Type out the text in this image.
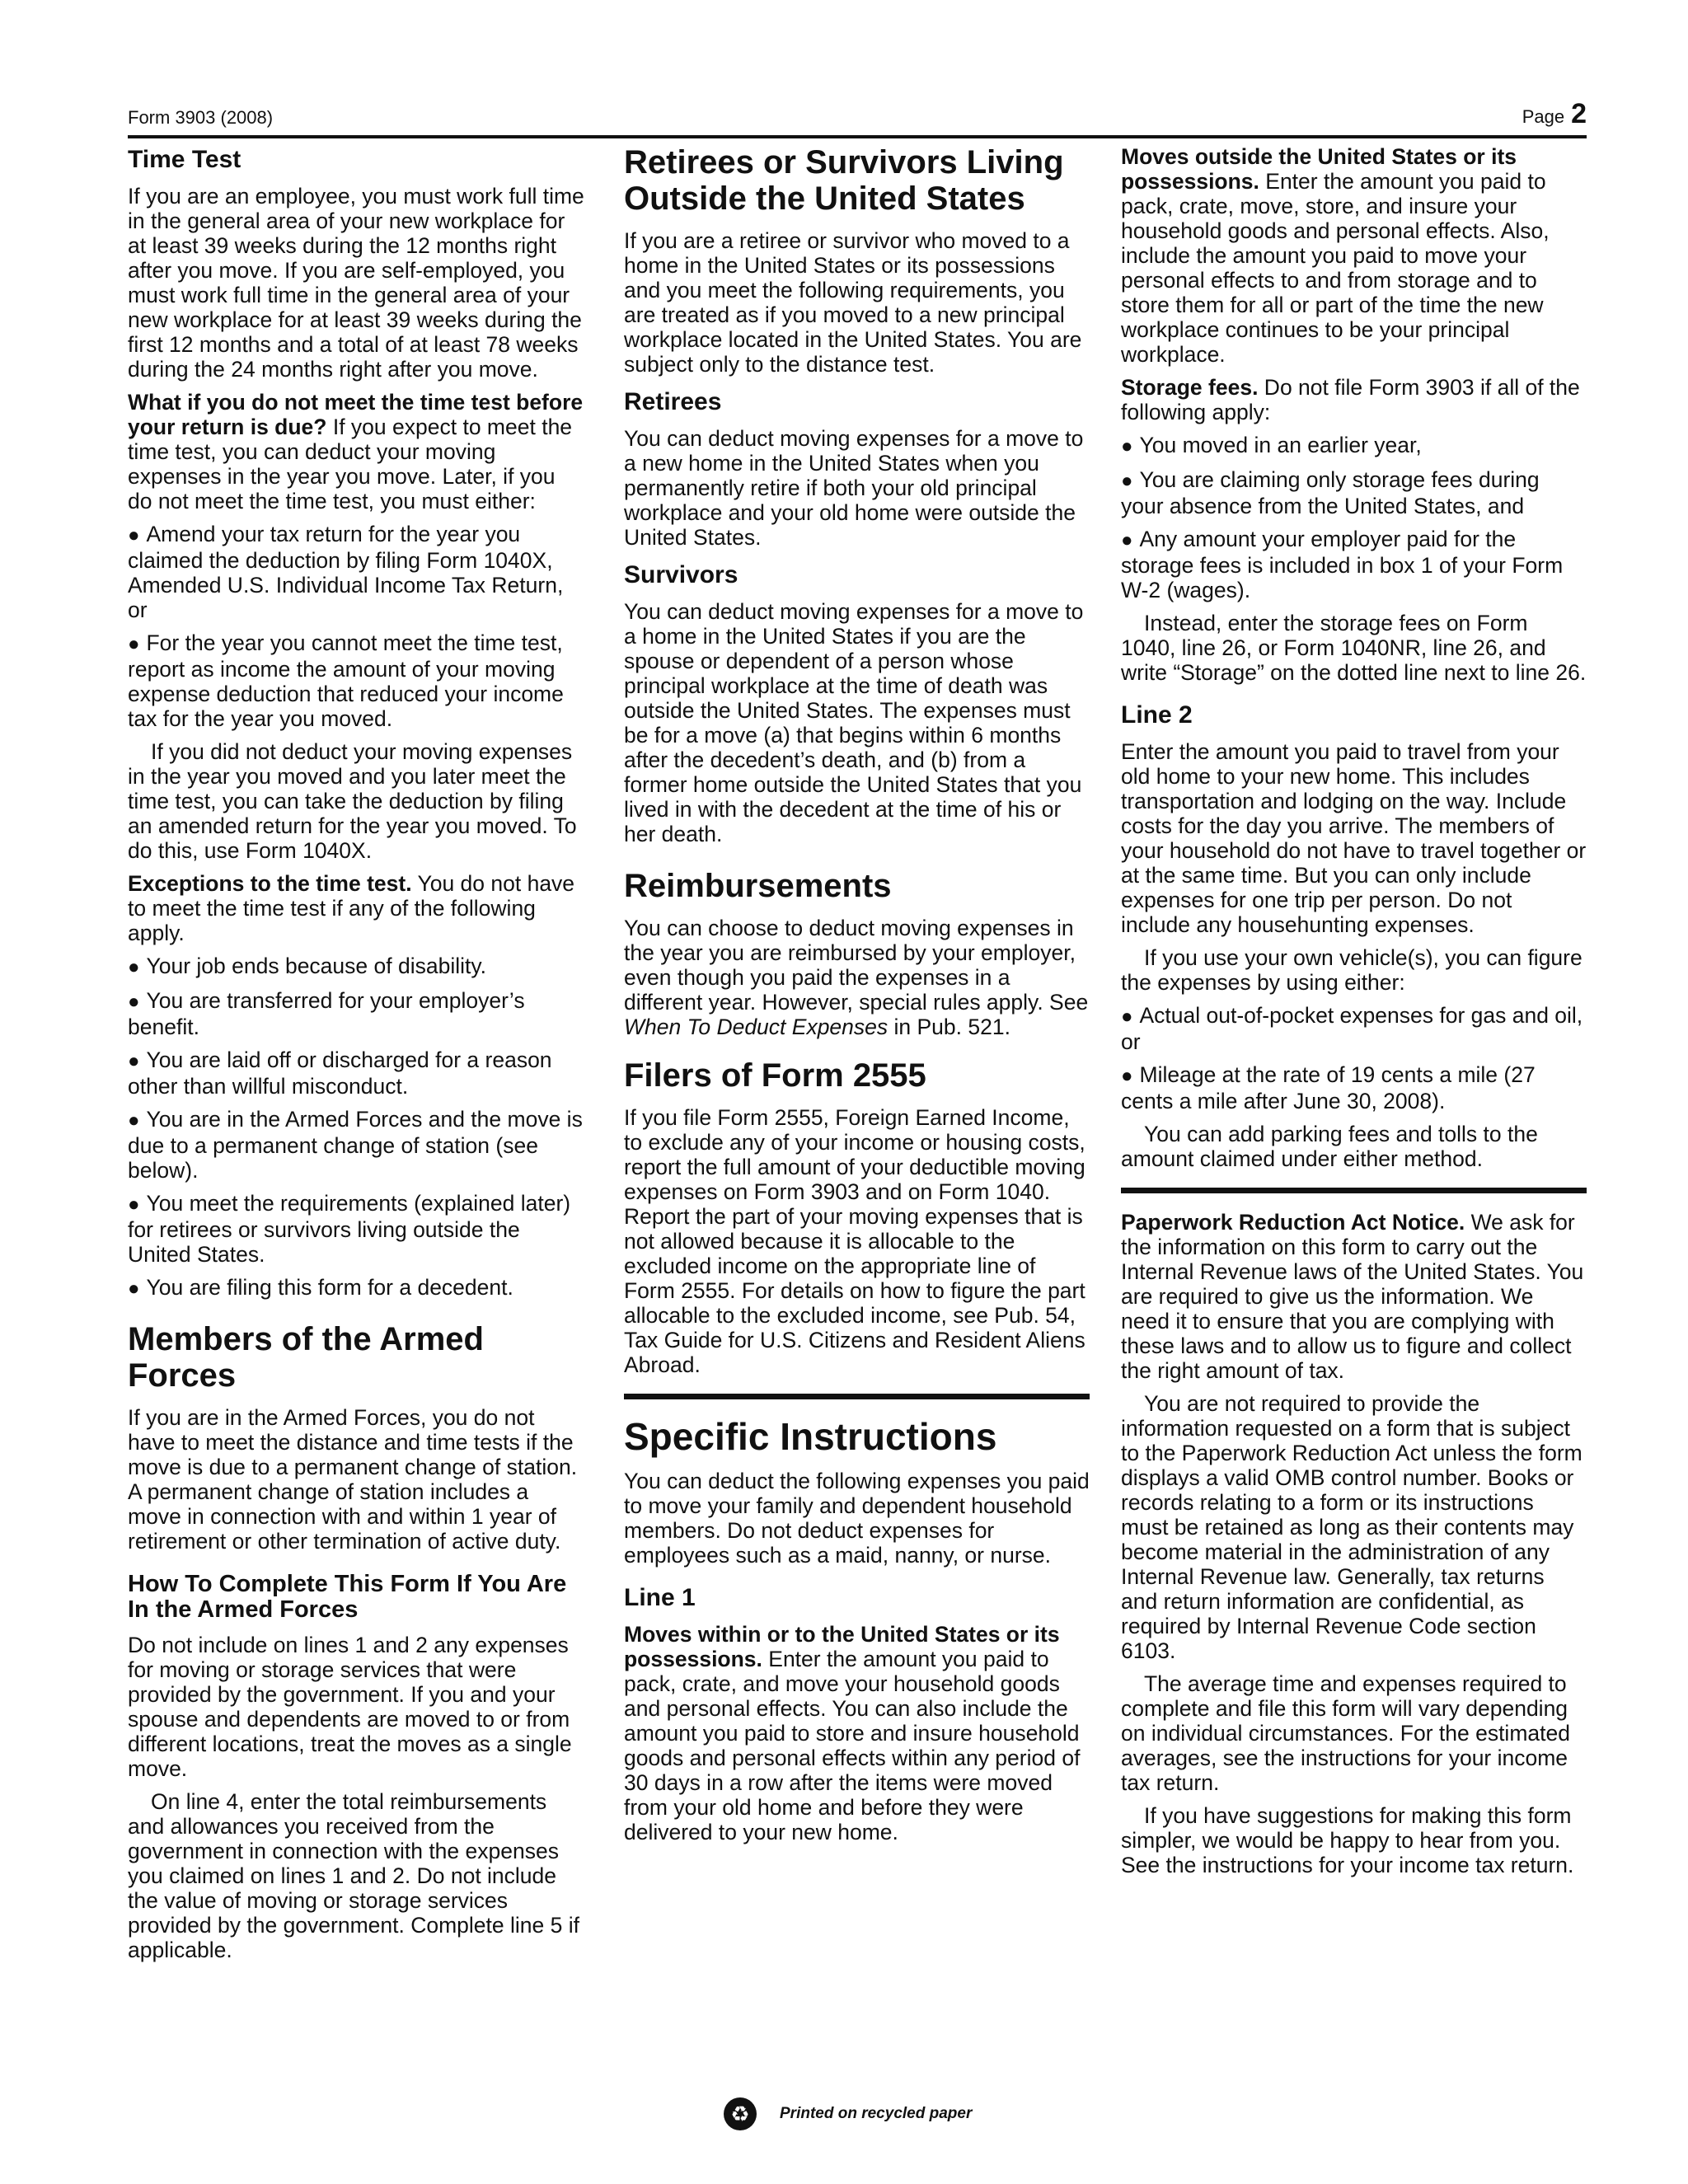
Form 3903 (2008)	Page 2
Time Test

If you are an employee, you must work full time in the general area of your new workplace for at least 39 weeks during the 12 months right after you move. If you are self-employed, you must work full time in the general area of your new workplace for at least 39 weeks during the first 12 months and a total of at least 78 weeks during the 24 months right after you move.

What if you do not meet the time test before your return is due? If you expect to meet the time test, you can deduct your moving expenses in the year you move. Later, if you do not meet the time test, you must either:

● Amend your tax return for the year you claimed the deduction by filing Form 1040X, Amended U.S. Individual Income Tax Return, or
● For the year you cannot meet the time test, report as income the amount of your moving expense deduction that reduced your income tax for the year you moved.

If you did not deduct your moving expenses in the year you moved and you later meet the time test, you can take the deduction by filing an amended return for the year you moved. To do this, use Form 1040X.

Exceptions to the time test. You do not have to meet the time test if any of the following apply.

● Your job ends because of disability.
● You are transferred for your employer’s benefit.
● You are laid off or discharged for a reason other than willful misconduct.
● You are in the Armed Forces and the move is due to a permanent change of station (see below).
● You meet the requirements (explained later) for retirees or survivors living outside the United States.
● You are filing this form for a decedent.
Members of the Armed Forces

If you are in the Armed Forces, you do not have to meet the distance and time tests if the move is due to a permanent change of station. A permanent change of station includes a move in connection with and within 1 year of retirement or other termination of active duty.

How To Complete This Form If You Are In the Armed Forces

Do not include on lines 1 and 2 any expenses for moving or storage services that were provided by the government. If you and your spouse and dependents are moved to or from different locations, treat the moves as a single move.

On line 4, enter the total reimbursements and allowances you received from the government in connection with the expenses you claimed on lines 1 and 2. Do not include the value of moving or storage services provided by the government. Complete line 5 if applicable.

Retirees or Survivors Living Outside the United States

If you are a retiree or survivor who moved to a home in the United States or its possessions and you meet the following requirements, you are treated as if you moved to a new principal workplace located in the United States. You are subject only to the distance test.

Retirees

You can deduct moving expenses for a move to a new home in the United States when you permanently retire if both your old principal workplace and your old home were outside the United States.

Survivors

You can deduct moving expenses for a move to a home in the United States if you are the spouse or dependent of a person whose principal workplace at the time of death was outside the United States. The expenses must be for a move (a) that begins within 6 months after the decedent’s death, and (b) from a former home outside the United States that you lived in with the decedent at the time of his or her death.

Reimbursements

You can choose to deduct moving expenses in the year you are reimbursed by your employer, even though you paid the expenses in a different year. However, special rules apply. See When To Deduct Expenses in Pub. 521.

Filers of Form 2555

If you file Form 2555, Foreign Earned Income, to exclude any of your income or housing costs, report the full amount of your deductible moving expenses on Form 3903 and on Form 1040. Report the part of your moving expenses that is not allowed because it is allocable to the excluded income on the appropriate line of Form 2555. For details on how to figure the part allocable to the excluded income, see Pub. 54, Tax Guide for U.S. Citizens and Resident Aliens Abroad.

Specific Instructions

You can deduct the following expenses you paid to move your family and dependent household members. Do not deduct expenses for employees such as a maid, nanny, or nurse.

Line 1

Moves within or to the United States or its possessions. Enter the amount you paid to pack, crate, and move your household goods and personal effects. You can also include the amount you paid to store and insure household goods and personal effects within any period of 30 days in a row after the items were moved from your old home and before they were delivered to your new home.

Moves outside the United States or its possessions. Enter the amount you paid to pack, crate, move, store, and insure your household goods and personal effects. Also, include the amount you paid to move your personal effects to and from storage and to store them for all or part of the time the new workplace continues to be your principal workplace.

Storage fees. Do not file Form 3903 if all of the following apply:

● You moved in an earlier year,
● You are claiming only storage fees during your absence from the United States, and
● Any amount your employer paid for the storage fees is included in box 1 of your Form W-2 (wages).

Instead, enter the storage fees on Form 1040, line 26, or Form 1040NR, line 26, and write “Storage” on the dotted line next to line 26.

Line 2

Enter the amount you paid to travel from your old home to your new home. This includes transportation and lodging on the way. Include costs for the day you arrive. The members of your household do not have to travel together or at the same time. But you can only include expenses for one trip per person. Do not include any househunting expenses.

If you use your own vehicle(s), you can figure the expenses by using either:

● Actual out-of-pocket expenses for gas and oil, or
● Mileage at the rate of 19 cents a mile (27 cents a mile after June 30, 2008).

You can add parking fees and tolls to the amount claimed under either method.

Paperwork Reduction Act Notice. We ask for the information on this form to carry out the Internal Revenue laws of the United States. You are required to give us the information. We need it to ensure that you are complying with these laws and to allow us to figure and collect the right amount of tax.

You are not required to provide the information requested on a form that is subject to the Paperwork Reduction Act unless the form displays a valid OMB control number. Books or records relating to a form or its instructions must be retained as long as their contents may become material in the administration of any Internal Revenue law. Generally, tax returns and return information are confidential, as required by Internal Revenue Code section 6103.

The average time and expenses required to complete and file this form will vary depending on individual circumstances. For the estimated averages, see the instructions for your income tax return.

If you have suggestions for making this form simpler, we would be happy to hear from you. See the instructions for your income tax return.

♻	Printed on recycled paper
